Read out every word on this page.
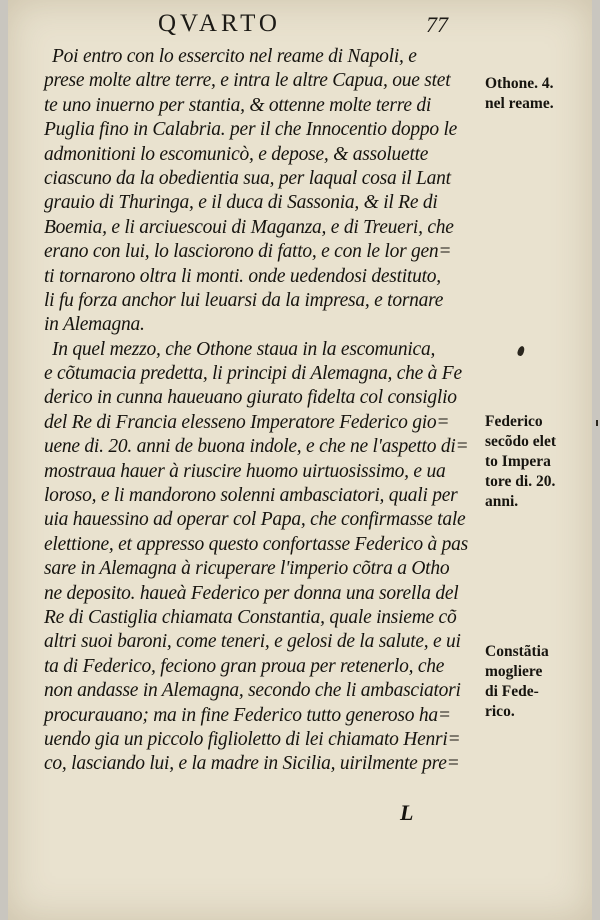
QVARTO	77
Poi entro con lo essercito nel reame di Napoli, e
prese molte altre terre, e intra le altre Capua, oue stet
te uno inuerno per stantia, & ottenne molte terre di
Puglia fino in Calabria. per il che Innocentio doppo le
admonitioni lo escomunicò, e depose, & assoluette
ciascuno da la obedientia sua, per laqual cosa il Lant
grauio di Thuringa, e il duca di Sassonia, & il Re di
Boemia, e li arciuescoui di Maganza, e di Treueri, che
erano con lui, lo lasciorono di fatto, e con le lor gen=
ti tornarono oltra li monti. onde uedendosi destituto,
li fu forza anchor lui leuarsi da la impresa, e tornare
in Alemagna.
In quel mezzo, che Othone staua in la escomunica,
e cõtumacia predetta, li principi di Alemagna, che à Fe
derico in cunna haueuano giurato fidelta col consiglio
del Re di Francia elesseno Imperatore Federico gio=
uene di. 20. anni de buona indole, e che ne l'aspetto di=
mostraua hauer à riuscire huomo uirtuosissimo, e ua
loroso, e li mandorono solenni ambasciatori, quali per
uia hauessino ad operar col Papa, che confirmasse tale
elettione, et appresso questo confortasse Federico à pas
sare in Alemagna à ricuperare l'imperio cõtra a Otho
ne deposito. haueà Federico per donna una sorella del
Re di Castiglia chiamata Constantia, quale insieme cõ
altri suoi baroni, come teneri, e gelosi de la salute, e ui
ta di Federico, feciono gran proua per retenerlo, che
non andasse in Alemagna, secondo che li ambasciatori
procurauano; ma in fine Federico tutto generoso ha=
uendo gia un piccolo figlioletto di lei chiamato Henri=
co, lasciando lui, e la madre in Sicilia, uirilmente pre=
L
Othone. 4.
nel reame.
Federico
secõdo elet
to Impera
tore di. 20.
anni.
Constãtia
mogliere
di Fede-
rico.
